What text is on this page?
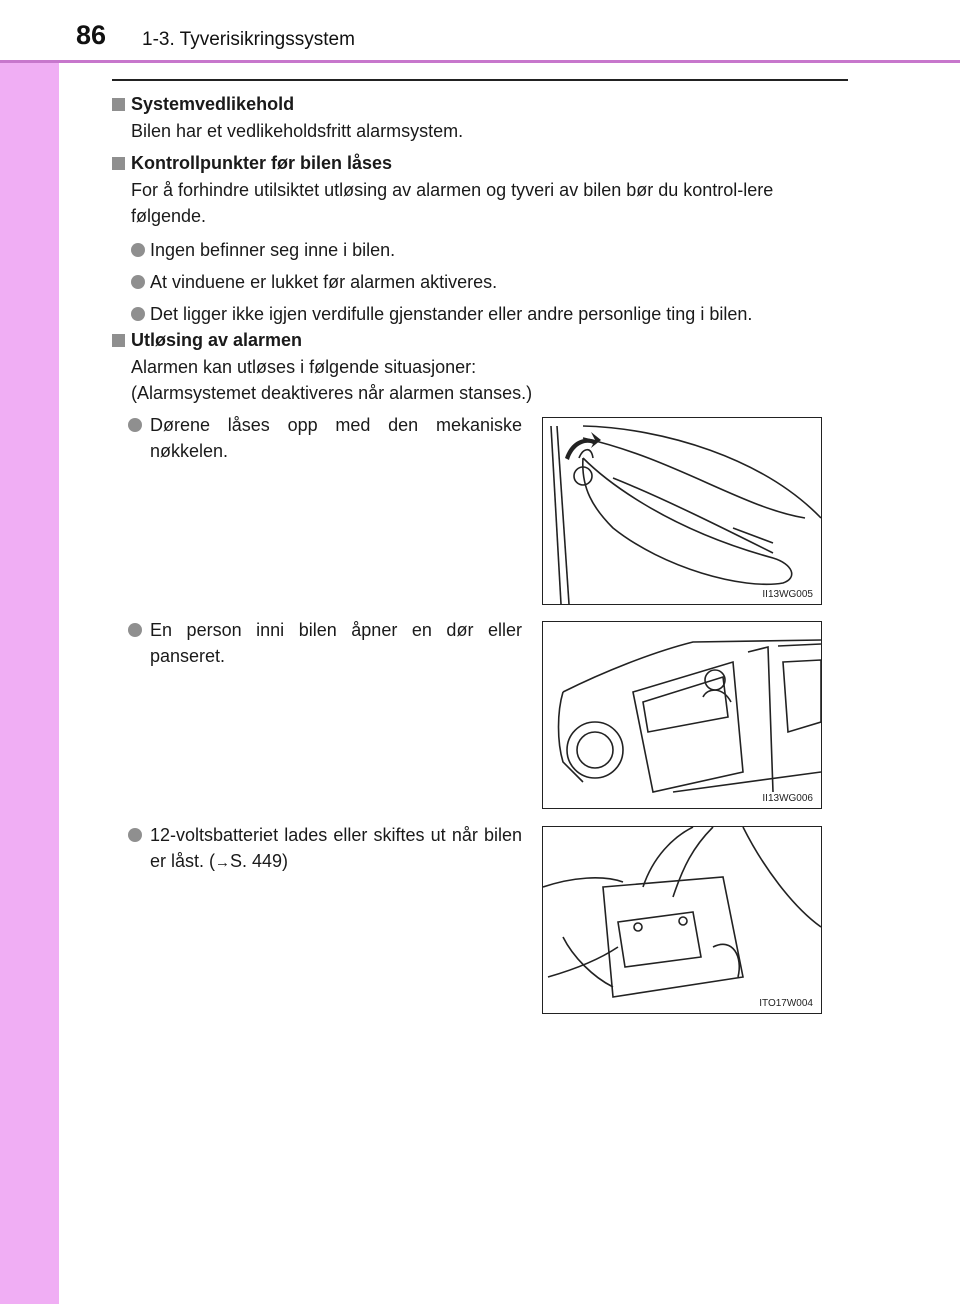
86 1-3. Tyverisikringssystem
Systemvedlikehold
Bilen har et vedlikeholdsfritt alarmsystem.
Kontrollpunkter før bilen låses
For å forhindre utilsiktet utløsing av alarmen og tyveri av bilen bør du kontrol-lere følgende.
Ingen befinner seg inne i bilen.
At vinduene er lukket før alarmen aktiveres.
Det ligger ikke igjen verdifulle gjenstander eller andre personlige ting i bilen.
Utløsing av alarmen
Alarmen kan utløses i følgende situasjoner:
(Alarmsystemet deaktiveres når alarmen stanses.)
Dørene låses opp med den mekaniske nøkkelen.
II13WG005
En person inni bilen åpner en dør eller panseret.
II13WG006
12-voltsbatteriet lades eller skiftes ut når bilen er låst. (→S. 449)
ITO17W004
